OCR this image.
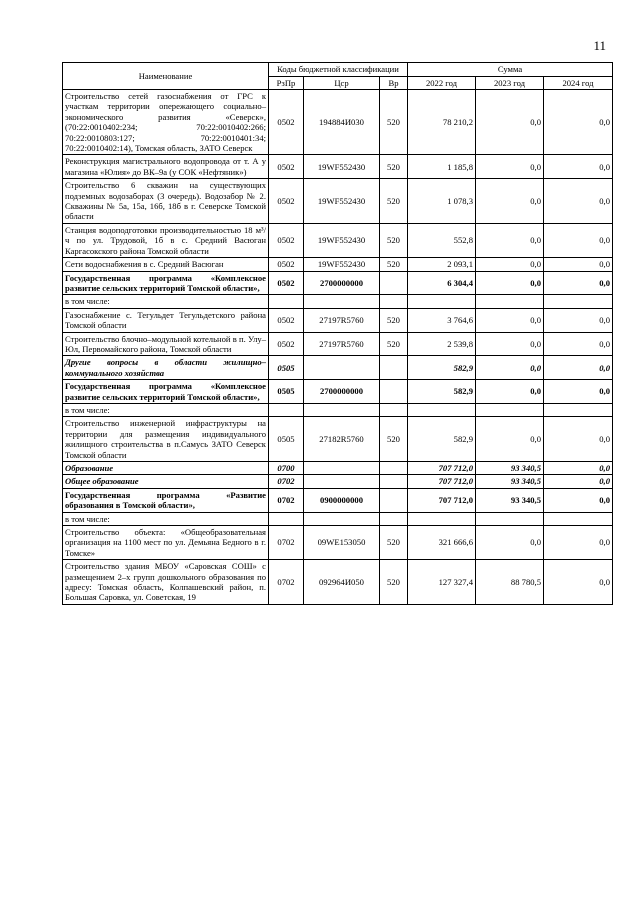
11
Наименование	Коды бюджетной классификации			Сумма		
	РзПр	Цср	Вр	2022 год	2023 год	2024 год
Строительство сетей газоснабжения от ГРС к участкам территории опережающего социально–экономического развития «Северск», (70:22:0010402:234; 70:22:0010402:266; 70:22:0010803:127; 70:22:0010401:34; 70:22:0010402:14), Томская область, ЗАТО Северск	0502	194884И030	520	78 210,2	0,0	0,0
Реконструкция магистрального водопровода от т. А у магазина «Юлия» до ВК–9а (у СОК «Нефтяник»)	0502	19WF552430	520	1 185,8	0,0	0,0
Строительство 6 скважин на существующих подземных водозаборах (3 очередь). Водозабор № 2. Скважины № 5а, 15а, 16б, 18б в г. Северске Томской области	0502	19WF552430	520	1 078,3	0,0	0,0
Станция водоподготовки производительностью 18 м³/ч по ул. Трудовой, 1б в с. Средний Васюган Каргасокского района Томской области	0502	19WF552430	520	552,8	0,0	0,0
Сети водоснабжения в с. Средний Васюган	0502	19WF552430	520	2 093,1	0,0	0,0
Государственная программа «Комплексное развитие сельских территорий Томской области»,	0502	2700000000		6 304,4	0,0	0,0
в том числе:						
Газоснабжение с. Тегульдет Тегульдетского района Томской области	0502	27197R5760	520	3 764,6	0,0	0,0
Строительство блочно–модульной котельной в п. Улу–Юл, Первомайского района, Томской области	0502	27197R5760	520	2 539,8	0,0	0,0
Другие вопросы в области жилищно–коммунального хозяйства	0505			582,9	0,0	0,0
Государственная программа «Комплексное развитие сельских территорий Томской области»,	0505	2700000000		582,9	0,0	0,0
в том числе:						
Строительство инженерной инфраструктуры на территории для размещения индивидуального жилищного строительства в п.Самусь ЗАТО Северск Томской области	0505	27182R5760	520	582,9	0,0	0,0
Образование	0700			707 712,0	93 340,5	0,0
Общее образование	0702			707 712,0	93 340,5	0,0
Государственная программа «Развитие образования в Томской области»,	0702	0900000000		707 712,0	93 340,5	0,0
в том числе:						
Строительство объекта: «Общеобразовательная организация на 1100 мест по ул. Демьяна Бедного в г. Томске»	0702	09WE153050	520	321 666,6	0,0	0,0
Строительство здания МБОУ «Саровская СОШ» с размещением 2–х групп дошкольного образования по адресу: Томская область, Колпашевский район, п. Большая Саровка, ул. Советская, 19	0702	092964И050	520	127 327,4	88 780,5	0,0
